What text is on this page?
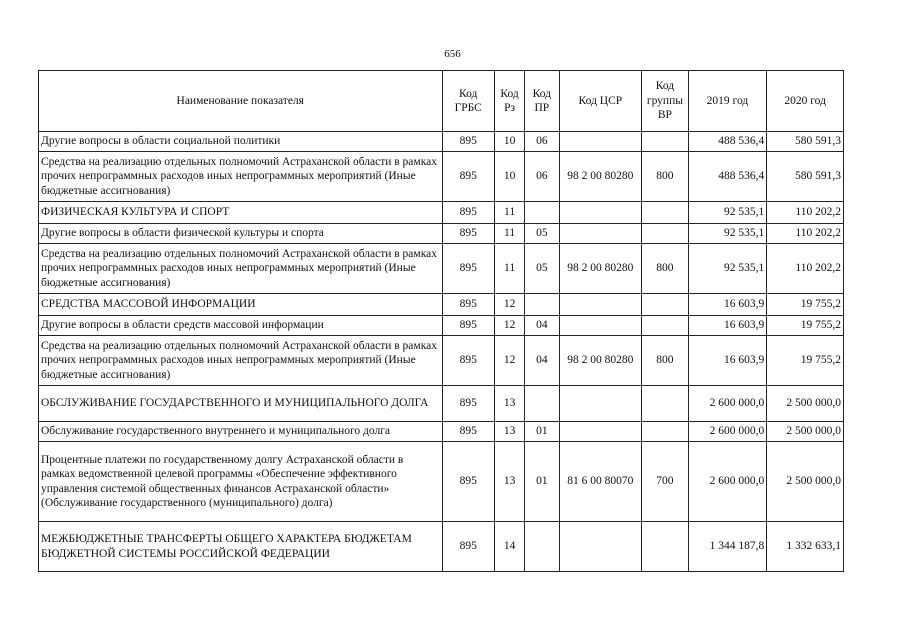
656
Наименование показателя	Код ГРБС	Код Рз	Код ПР	Код ЦСР	Код группы ВР	2019 год	2020 год
Другие вопросы в области социальной политики	895	10	06			488 536,4	580 591,3
Средства на реализацию отдельных полномочий Астраханской области в рамках прочих непрограммных расходов иных непрограммных мероприятий (Иные бюджетные ассигнования)	895	10	06	98 2 00 80280	800	488 536,4	580 591,3
ФИЗИЧЕСКАЯ КУЛЬТУРА И СПОРТ	895	11				92 535,1	110 202,2
Другие вопросы в области физической культуры и спорта	895	11	05			92 535,1	110 202,2
Средства на реализацию отдельных полномочий Астраханской области в рамках прочих непрограммных расходов иных непрограммных мероприятий (Иные бюджетные ассигнования)	895	11	05	98 2 00 80280	800	92 535,1	110 202,2
СРЕДСТВА МАССОВОЙ ИНФОРМАЦИИ	895	12				16 603,9	19 755,2
Другие вопросы в области средств массовой информации	895	12	04			16 603,9	19 755,2
Средства на реализацию отдельных полномочий Астраханской области в рамках прочих непрограммных расходов иных непрограммных мероприятий (Иные бюджетные ассигнования)	895	12	04	98 2 00 80280	800	16 603,9	19 755,2
ОБСЛУЖИВАНИЕ ГОСУДАРСТВЕННОГО И МУНИЦИПАЛЬНОГО ДОЛГА	895	13				2 600 000,0	2 500 000,0
Обслуживание государственного внутреннего и муниципального долга	895	13	01			2 600 000,0	2 500 000,0
Процентные платежи по государственному долгу Астраханской области в рамках ведомственной целевой программы «Обеспечение эффективного управления системой общественных финансов Астраханской области» (Обслуживание государственного (муниципального) долга)	895	13	01	81 6 00 80070	700	2 600 000,0	2 500 000,0
МЕЖБЮДЖЕТНЫЕ ТРАНСФЕРТЫ ОБЩЕГО ХАРАКТЕРА БЮДЖЕТАМ БЮДЖЕТНОЙ СИСТЕМЫ РОССИЙСКОЙ ФЕДЕРАЦИИ	895	14				1 344 187,8	1 332 633,1
